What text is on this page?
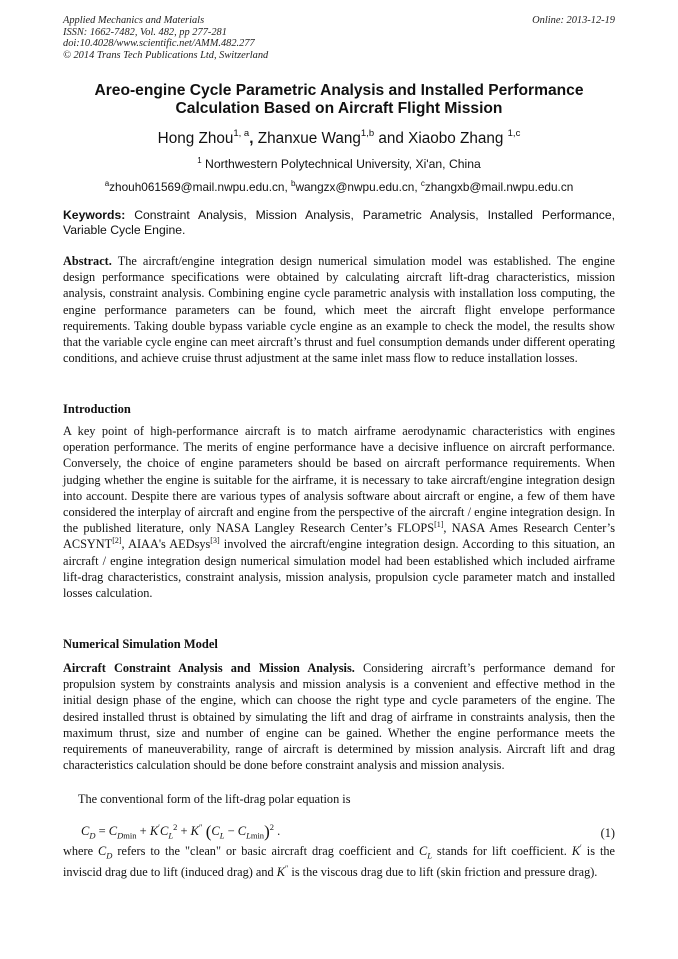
Applied Mechanics and Materials
ISSN: 1662-7482, Vol. 482, pp 277-281
doi:10.4028/www.scientific.net/AMM.482.277
© 2014 Trans Tech Publications Ltd, Switzerland
Online: 2013-12-19
Areo-engine Cycle Parametric Analysis and Installed Performance Calculation Based on Aircraft Flight Mission
Hong Zhou$^{1, a}$, Zhanxue Wang$^{1,b}$ and Xiaobo Zhang $^{1,c}$
$^1$ Northwestern Polytechnical University, Xi'an, China
$^a$zhouh061569@mail.nwpu.edu.cn, $^b$wangzx@nwpu.edu.cn, $^c$zhangxb@mail.nwpu.edu.cn
Keywords: Constraint Analysis, Mission Analysis, Parametric Analysis, Installed Performance, Variable Cycle Engine.
Abstract. The aircraft/engine integration design numerical simulation model was established. The engine design performance specifications were obtained by calculating aircraft lift-drag characteristics, mission analysis, constraint analysis. Combining engine cycle parametric analysis with installation loss computing, the engine performance parameters can be found, which meet the aircraft flight envelope performance requirements. Taking double bypass variable cycle engine as an example to check the model, the results show that the variable cycle engine can meet aircraft’s thrust and fuel consumption demands under different operating conditions, and achieve cruise thrust adjustment at the same inlet mass flow to reduce installation losses.
Introduction
A key point of high-performance aircraft is to match airframe aerodynamic characteristics with engines operation performance. The merits of engine performance have a decisive influence on aircraft performance. Conversely, the choice of engine parameters should be based on aircraft performance requirements. When judging whether the engine is suitable for the airframe, it is necessary to take aircraft/engine integration design into account. Despite there are various types of analysis software about aircraft or engine, a few of them have considered the interplay of aircraft and engine from the perspective of the aircraft / engine integration design. In the published literature, only NASA Langley Research Center’s FLOPS[1], NASA Ames Research Center’s ACSYNT[2], AIAA's AEDsys[3] involved the aircraft/engine integration design. According to this situation, an aircraft / engine integration design numerical simulation model had been established which included airframe lift-drag characteristics, constraint analysis, mission analysis, propulsion cycle parameter match and installed losses calculation.
Numerical Simulation Model
Aircraft Constraint Analysis and Mission Analysis. Considering aircraft’s performance demand for propulsion system by constraints analysis and mission analysis is a convenient and effective method in the initial design phase of the engine, which can choose the right type and cycle parameters of the engine. The desired installed thrust is obtained by simulating the lift and drag of airframe in constraints analysis, then the maximum thrust, size and number of engine can be gained. Whether the engine performance meets the requirements of maneuverability, range of aircraft is determined by mission analysis. Aircraft lift and drag characteristics calculation should be done before constraint analysis and mission analysis.
The conventional form of the lift-drag polar equation is
$C_D = C_{Dmin} + K'C_L^2 + K''$ $(C_L - C_{Lmin})^2$ .	(1)
where $C_D$ refers to the "clean" or basic aircraft drag coefficient and $C_L$ stands for lift coefficient. K′ is the inviscid drag due to lift (induced drag) and K″ is the viscous drag due to lift (skin friction and pressure drag).
